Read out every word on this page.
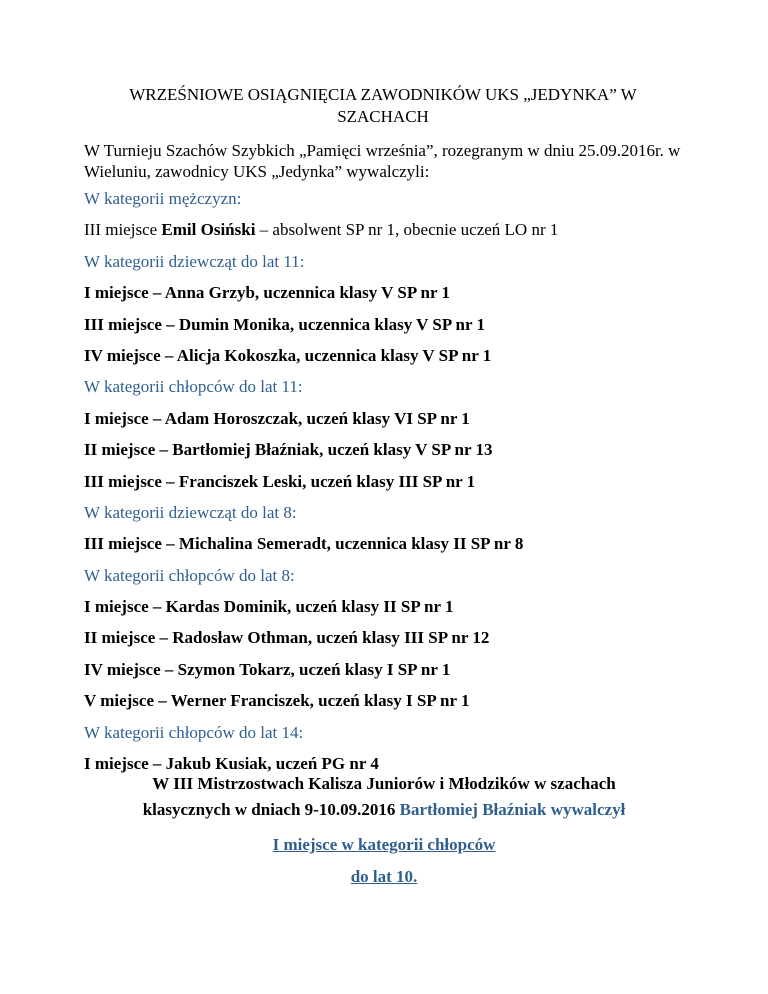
WRZEŚNIOWE OSIĄGNIĘCIA ZAWODNIKÓW UKS „JEDYNKA” W SZACHACH
W Turnieju Szachów Szybkich „Pamięci września”, rozegranym w dniu 25.09.2016r. w Wieluniu, zawodnicy UKS „Jedynka” wywalczyli:
W kategorii mężczyzn:
III miejsce Emil Osiński – absolwent SP nr 1, obecnie uczeń LO nr 1
W kategorii dziewcząt do lat 11:
I miejsce – Anna Grzyb, uczennica klasy V SP nr 1
III miejsce – Dumin Monika, uczennica klasy V SP nr 1
IV miejsce – Alicja Kokoszka, uczennica klasy V SP nr 1
W kategorii chłopców do lat 11:
I miejsce – Adam Horoszczak, uczeń klasy VI SP nr 1
II miejsce – Bartłomiej Błaźniak, uczeń klasy V SP nr 13
III miejsce – Franciszek Leski, uczeń klasy III SP nr 1
W kategorii dziewcząt do lat 8:
III miejsce – Michalina Semeradt, uczennica klasy II SP nr 8
W kategorii chłopców do lat 8:
I miejsce – Kardas Dominik, uczeń klasy II SP nr 1
II miejsce – Radosław Othman, uczeń klasy III SP nr 12
IV miejsce – Szymon Tokarz, uczeń klasy I SP nr 1
V miejsce – Werner Franciszek, uczeń klasy I SP nr 1
W kategorii chłopców do lat 14:
I miejsce – Jakub Kusiak, uczeń PG nr 4
W III Mistrzostwach Kalisza Juniorów i Młodzików w szachach
klasycznych w dniach 9-10.09.2016 Bartłomiej Błaźniak wywalczył
I miejsce w kategorii chłopców
do lat 10.
